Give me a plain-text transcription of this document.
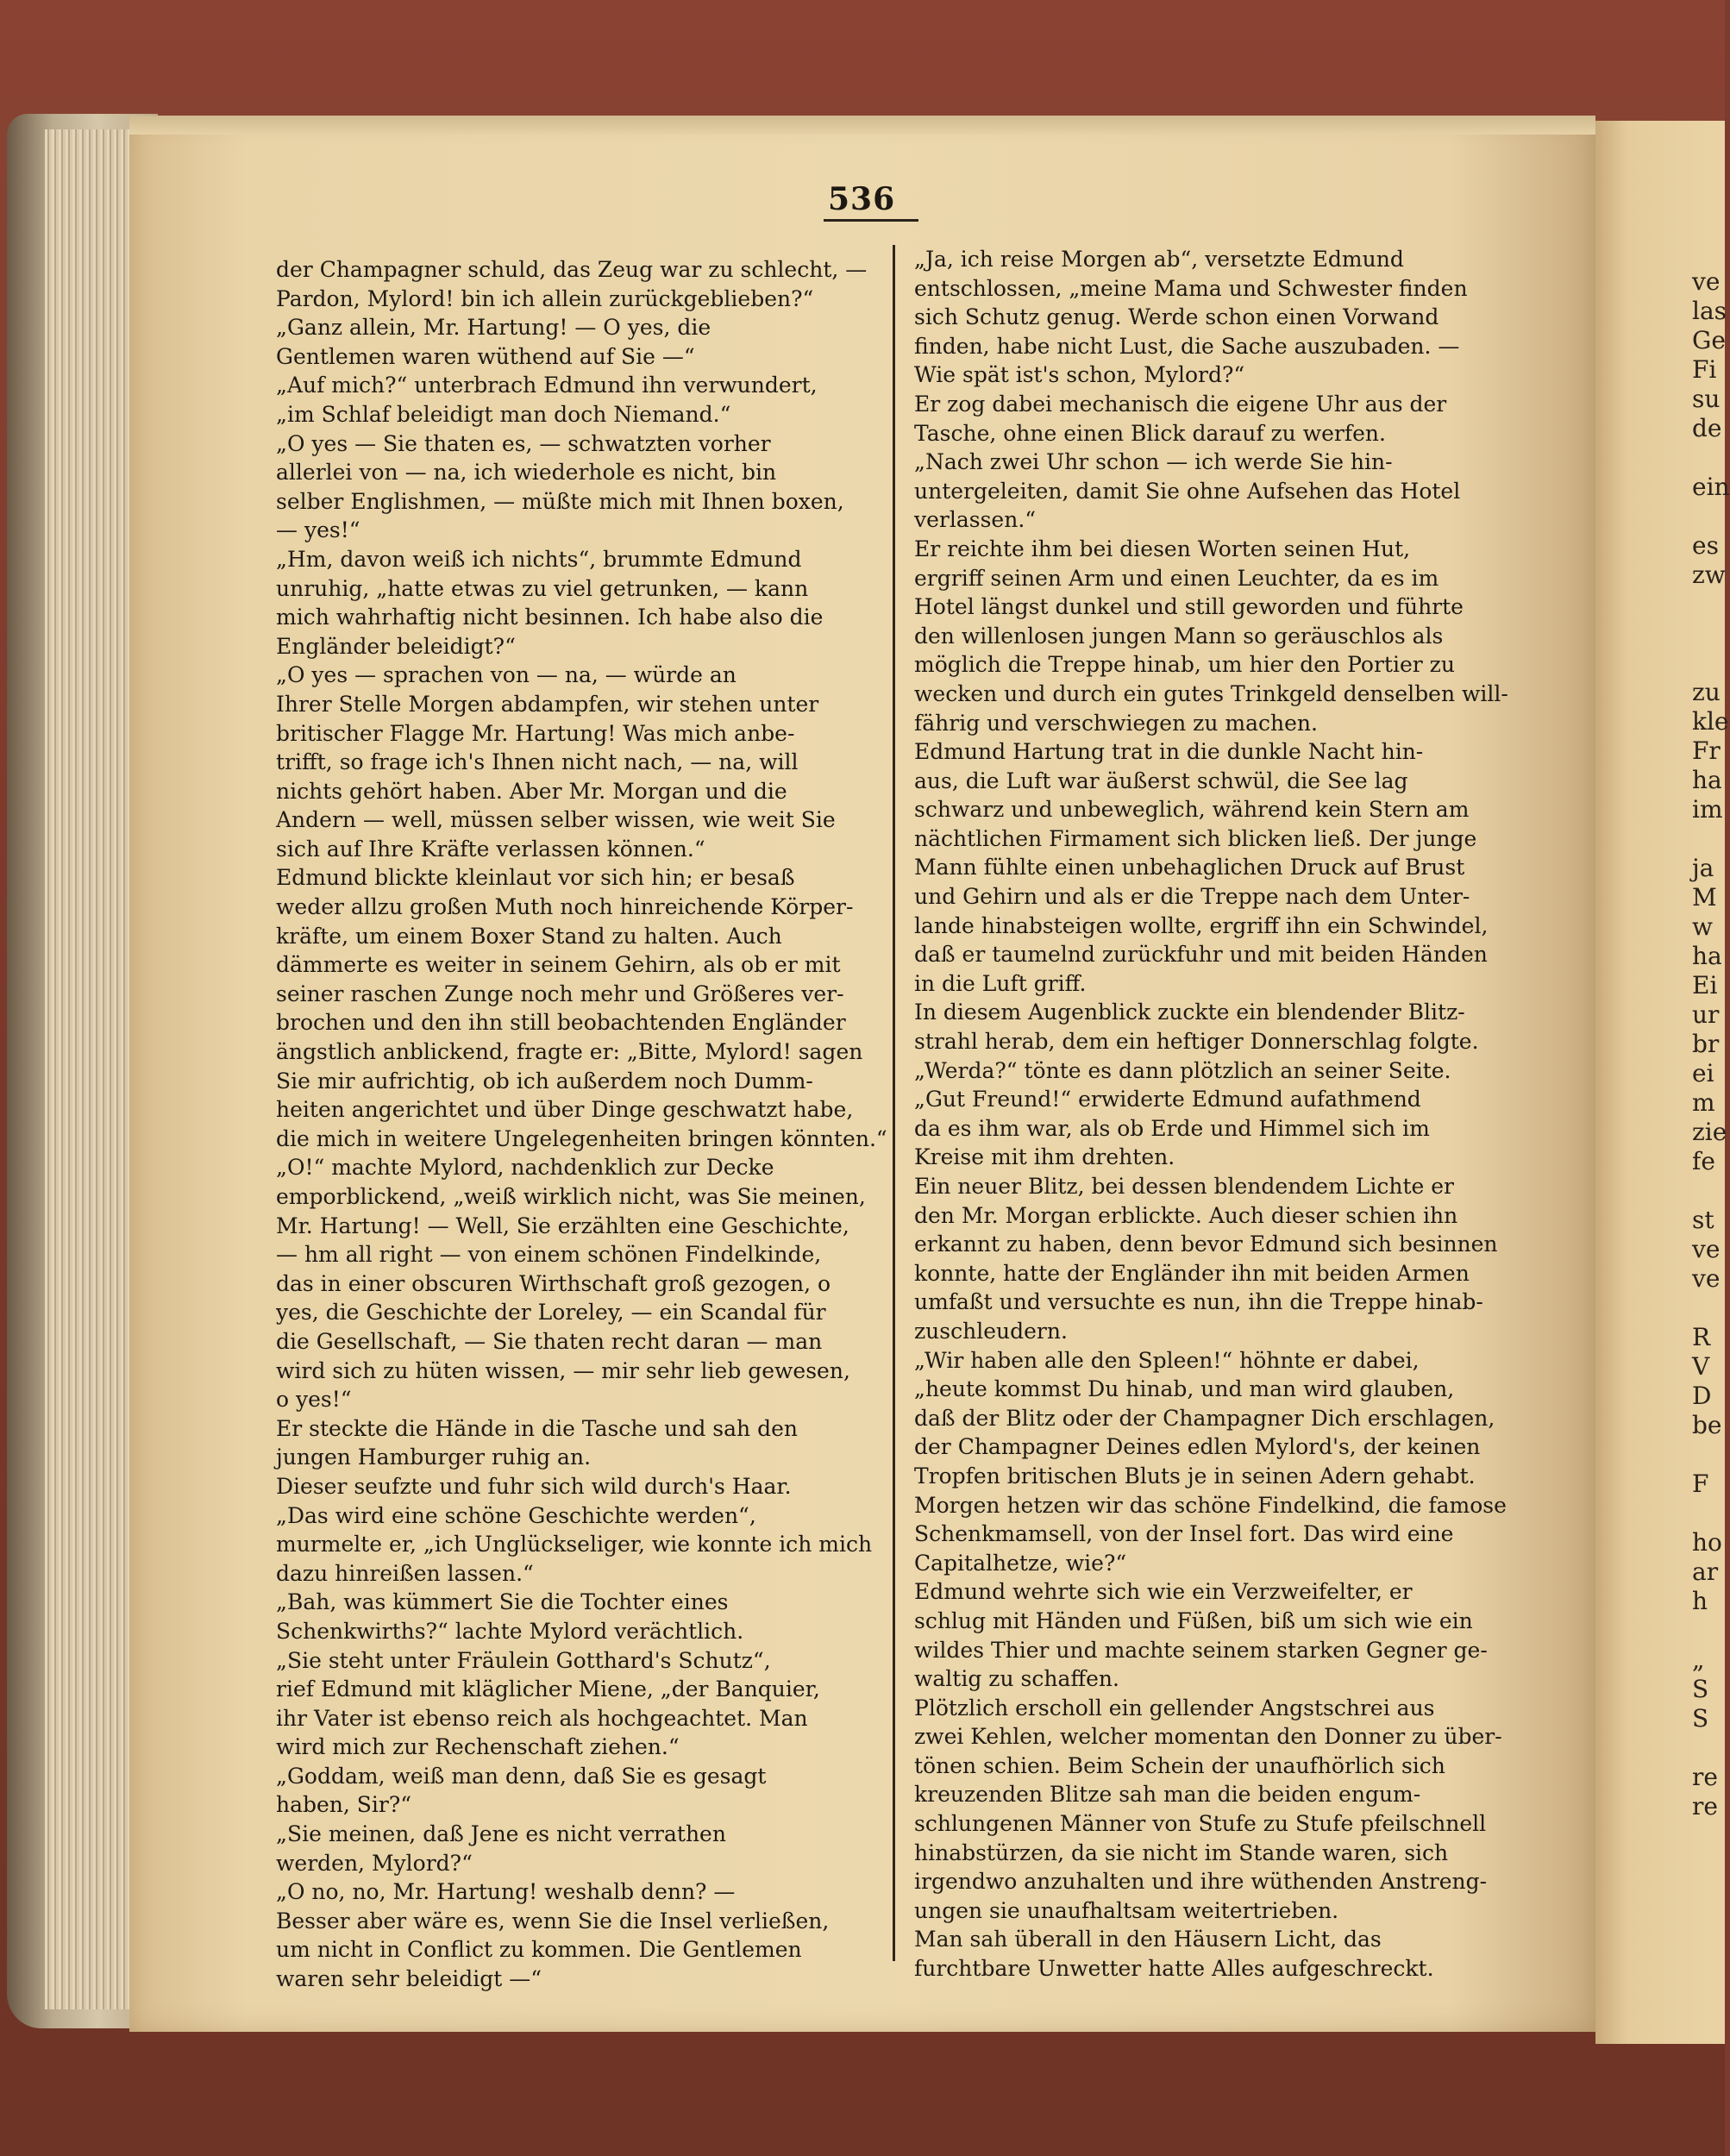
ve
las
Ge
Fi
su
de
ein
es
zw
zu
kle
Fr
ha
im
ja
M
w
ha
Ei
ur
br
ei
m
zie
fe
st
ve
ve
R
V
D
be
F
ho
ar
h
„
S
S
re
re
536
der Champagner schuld, das Zeug war zu schlecht, —
Pardon, Mylord! bin ich allein zurückgeblieben?“
„Ganz allein, Mr. Hartung! — O yes, die
Gentlemen waren wüthend auf Sie —“
„Auf mich?“ unterbrach Edmund ihn verwundert,
„im Schlaf beleidigt man doch Niemand.“
„O yes — Sie thaten es, — schwatzten vorher
allerlei von — na, ich wiederhole es nicht, bin
selber Englishmen, — müßte mich mit Ihnen boxen,
— yes!“
„Hm, davon weiß ich nichts“, brummte Edmund
unruhig, „hatte etwas zu viel getrunken, — kann
mich wahrhaftig nicht besinnen. Ich habe also die
Engländer beleidigt?“
„O yes — sprachen von — na, — würde an
Ihrer Stelle Morgen abdampfen, wir stehen unter
britischer Flagge Mr. Hartung! Was mich anbe-
trifft, so frage ich's Ihnen nicht nach, — na, will
nichts gehört haben. Aber Mr. Morgan und die
Andern — well, müssen selber wissen, wie weit Sie
sich auf Ihre Kräfte verlassen können.“
Edmund blickte kleinlaut vor sich hin; er besaß
weder allzu großen Muth noch hinreichende Körper-
kräfte, um einem Boxer Stand zu halten. Auch
dämmerte es weiter in seinem Gehirn, als ob er mit
seiner raschen Zunge noch mehr und Größeres ver-
brochen und den ihn still beobachtenden Engländer
ängstlich anblickend, fragte er: „Bitte, Mylord! sagen
Sie mir aufrichtig, ob ich außerdem noch Dumm-
heiten angerichtet und über Dinge geschwatzt habe,
die mich in weitere Ungelegenheiten bringen könnten.“
„O!“ machte Mylord, nachdenklich zur Decke
emporblickend, „weiß wirklich nicht, was Sie meinen,
Mr. Hartung! — Well, Sie erzählten eine Geschichte,
— hm all right — von einem schönen Findelkinde,
das in einer obscuren Wirthschaft groß gezogen, o
yes, die Geschichte der Loreley, — ein Scandal für
die Gesellschaft, — Sie thaten recht daran — man
wird sich zu hüten wissen, — mir sehr lieb gewesen,
o yes!“
Er steckte die Hände in die Tasche und sah den
jungen Hamburger ruhig an.
Dieser seufzte und fuhr sich wild durch's Haar.
„Das wird eine schöne Geschichte werden“,
murmelte er, „ich Unglückseliger, wie konnte ich mich
dazu hinreißen lassen.“
„Bah, was kümmert Sie die Tochter eines
Schenkwirths?“ lachte Mylord verächtlich.
„Sie steht unter Fräulein Gotthard's Schutz“,
rief Edmund mit kläglicher Miene, „der Banquier,
ihr Vater ist ebenso reich als hochgeachtet. Man
wird mich zur Rechenschaft ziehen.“
„Goddam, weiß man denn, daß Sie es gesagt
haben, Sir?“
„Sie meinen, daß Jene es nicht verrathen
werden, Mylord?“
„O no, no, Mr. Hartung! weshalb denn? —
Besser aber wäre es, wenn Sie die Insel verließen,
um nicht in Conflict zu kommen. Die Gentlemen
waren sehr beleidigt —“
„Ja, ich reise Morgen ab“, versetzte Edmund
entschlossen, „meine Mama und Schwester finden
sich Schutz genug. Werde schon einen Vorwand
finden, habe nicht Lust, die Sache auszubaden. —
Wie spät ist's schon, Mylord?“
Er zog dabei mechanisch die eigene Uhr aus der
Tasche, ohne einen Blick darauf zu werfen.
„Nach zwei Uhr schon — ich werde Sie hin-
untergeleiten, damit Sie ohne Aufsehen das Hotel
verlassen.“
Er reichte ihm bei diesen Worten seinen Hut,
ergriff seinen Arm und einen Leuchter, da es im
Hotel längst dunkel und still geworden und führte
den willenlosen jungen Mann so geräuschlos als
möglich die Treppe hinab, um hier den Portier zu
wecken und durch ein gutes Trinkgeld denselben will-
fährig und verschwiegen zu machen.
Edmund Hartung trat in die dunkle Nacht hin-
aus, die Luft war äußerst schwül, die See lag
schwarz und unbeweglich, während kein Stern am
nächtlichen Firmament sich blicken ließ. Der junge
Mann fühlte einen unbehaglichen Druck auf Brust
und Gehirn und als er die Treppe nach dem Unter-
lande hinabsteigen wollte, ergriff ihn ein Schwindel,
daß er taumelnd zurückfuhr und mit beiden Händen
in die Luft griff.
In diesem Augenblick zuckte ein blendender Blitz-
strahl herab, dem ein heftiger Donnerschlag folgte.
„Werda?“ tönte es dann plötzlich an seiner Seite.
„Gut Freund!“ erwiderte Edmund aufathmend
da es ihm war, als ob Erde und Himmel sich im
Kreise mit ihm drehten.
Ein neuer Blitz, bei dessen blendendem Lichte er
den Mr. Morgan erblickte. Auch dieser schien ihn
erkannt zu haben, denn bevor Edmund sich besinnen
konnte, hatte der Engländer ihn mit beiden Armen
umfaßt und versuchte es nun, ihn die Treppe hinab-
zuschleudern.
„Wir haben alle den Spleen!“ höhnte er dabei,
„heute kommst Du hinab, und man wird glauben,
daß der Blitz oder der Champagner Dich erschlagen,
der Champagner Deines edlen Mylord's, der keinen
Tropfen britischen Bluts je in seinen Adern gehabt.
Morgen hetzen wir das schöne Findelkind, die famose
Schenkmamsell, von der Insel fort. Das wird eine
Capitalhetze, wie?“
Edmund wehrte sich wie ein Verzweifelter, er
schlug mit Händen und Füßen, biß um sich wie ein
wildes Thier und machte seinem starken Gegner ge-
waltig zu schaffen.
Plötzlich erscholl ein gellender Angstschrei aus
zwei Kehlen, welcher momentan den Donner zu über-
tönen schien. Beim Schein der unaufhörlich sich
kreuzenden Blitze sah man die beiden engum-
schlungenen Männer von Stufe zu Stufe pfeilschnell
hinabstürzen, da sie nicht im Stande waren, sich
irgendwo anzuhalten und ihre wüthenden Anstreng-
ungen sie unaufhaltsam weitertrieben.
Man sah überall in den Häusern Licht, das
furchtbare Unwetter hatte Alles aufgeschreckt.
